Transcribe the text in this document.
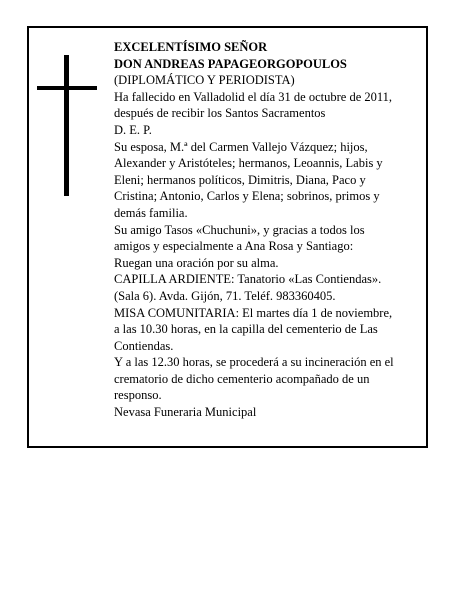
EXCELENTÍSIMO SEÑOR
DON ANDREAS PAPAGEORGOPOULOS
(DIPLOMÁTICO Y PERIODISTA)
Ha fallecido en Valladolid el día 31 de octubre de 2011,
después de recibir los Santos Sacramentos
D. E. P.
Su esposa, M.ª del Carmen Vallejo Vázquez; hijos,
Alexander y Aristóteles; hermanos, Leoannis, Labis y
Eleni; hermanos políticos, Dimitris, Diana, Paco y
Cristina; Antonio, Carlos y Elena; sobrinos, primos y
demás familia.
Su amigo Tasos «Chuchuni», y gracias a todos los
amigos y especialmente a Ana Rosa y Santiago:
Ruegan una oración por su alma.
CAPILLA ARDIENTE: Tanatorio «Las Contiendas».
(Sala 6). Avda. Gijón, 71. Teléf. 983360405.
MISA COMUNITARIA: El martes día 1 de noviembre,
a las 10.30 horas, en la capilla del cementerio de Las
Contiendas.
Y a las 12.30 horas, se procederá a su incineración en el
crematorio de dicho cementerio acompañado de un
responso.
Nevasa Funeraria Municipal
